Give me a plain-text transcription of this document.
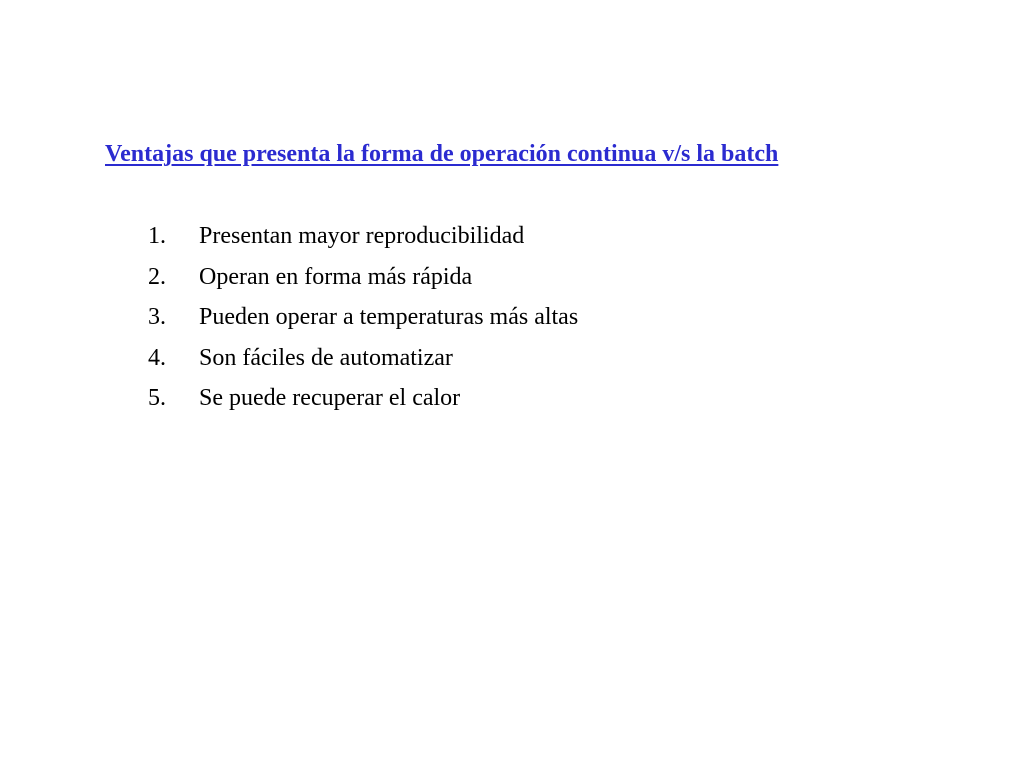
Ventajas que presenta la forma de operación continua v/s la batch
1.	Presentan mayor reproducibilidad
2.	Operan en forma más rápida
3.	Pueden operar a temperaturas más altas
4.	Son fáciles de automatizar
5.	Se puede recuperar el calor
